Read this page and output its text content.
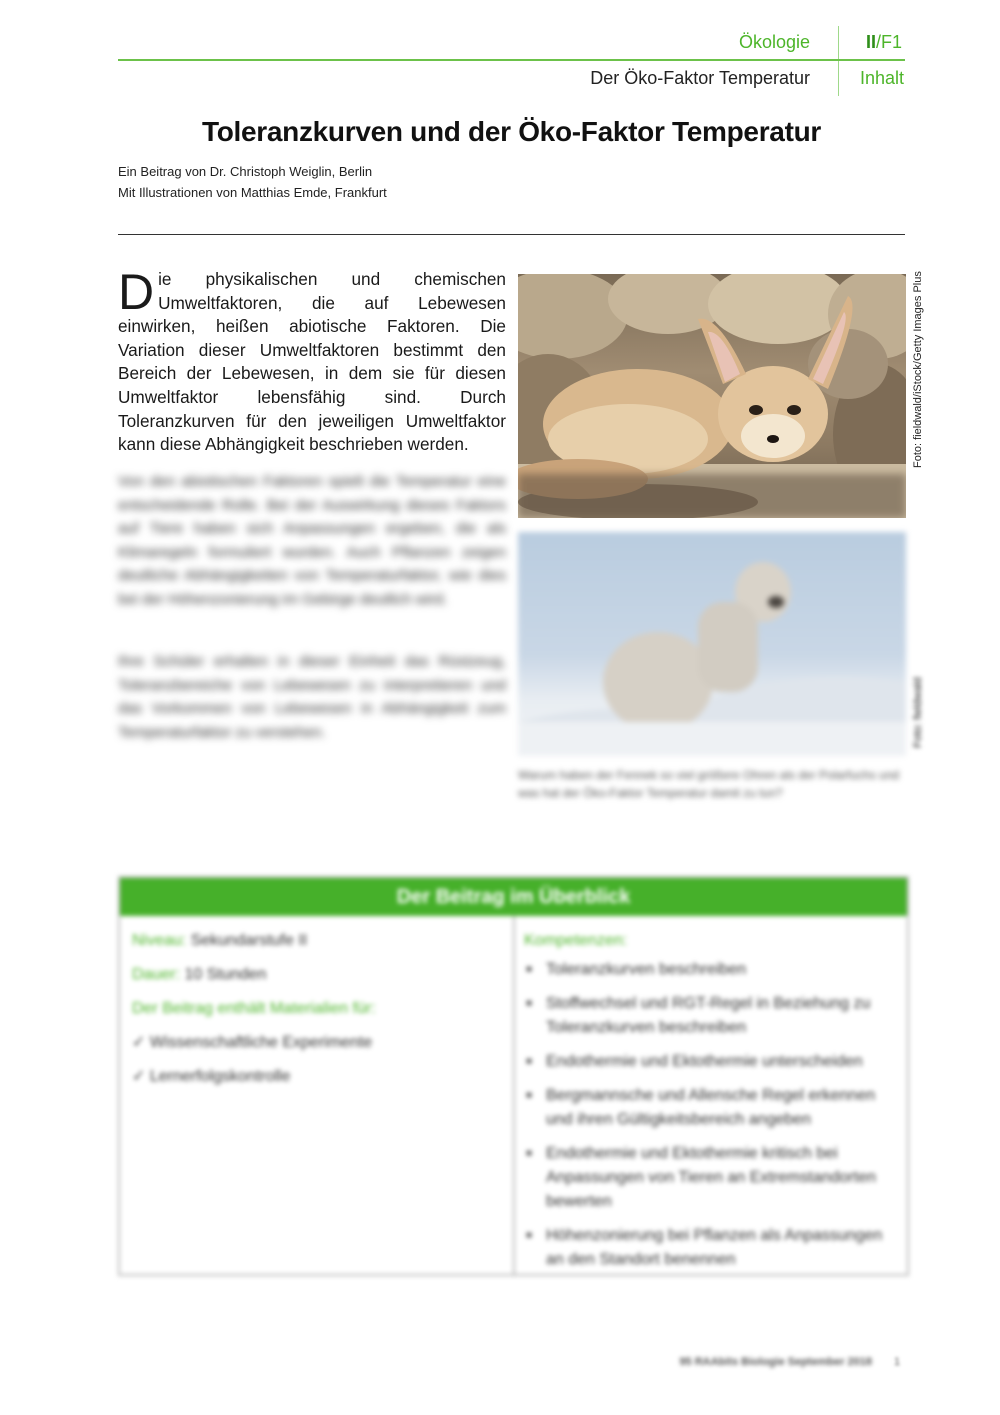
Ökologie	II/F1
Der Öko-Faktor Temperatur	Inhalt
Toleranzkurven und der Öko-Faktor Temperatur
Ein Beitrag von Dr. Christoph Weiglin, Berlin
Mit Illustrationen von Matthias Emde, Frankfurt
Die physikalischen und chemischen Umweltfaktoren, die auf Lebewesen einwirken, heißen abiotische Faktoren. Die Variation dieser Umweltfaktoren bestimmt den Bereich der Lebewesen, in dem sie für diesen Umweltfaktor lebensfähig sind. Durch Toleranzkurven für den jeweiligen Umweltfaktor kann diese Abhängigkeit beschrieben werden.
Von den abiotischen Faktoren spielt die Temperatur eine entscheidende Rolle. Bei der Auswirkung dieses Faktors auf Tiere haben sich Anpassungen ergeben, die als Klimaregeln formuliert wurden. Auch Pflanzen zeigen deutliche Abhängigkeiten von Temperaturfaktor, wie dies bei der Höhenzonierung im Gebirge deutlich wird.
Ihre Schüler erhalten in dieser Einheit das Rüstzeug, Toleranzbereiche von Lebewesen zu interpretieren und das Vorkommen von Lebewesen in Abhängigkeit zum Temperaturfaktor zu verstehen.
Foto: fieldwald/iStock/Getty Images Plus
Foto: fieldwald
Warum haben der Fennek so viel größere Ohren als der Polarfuchs und was hat der Öko-Faktor Temperatur damit zu tun?
Der Beitrag im Überblick
Niveau: Sekundarstufe II
Dauer: 10 Stunden
Der Beitrag enthält Materialien für:
✓ Wissenschaftliche Experimente
✓ Lernerfolgskontrolle
Kompetenzen:
■ Toleranzkurven beschreiben
■ Stoffwechsel und RGT-Regel in Beziehung zu Toleranzkurven beschreiben
■ Endothermie und Ektothermie unterscheiden
■ Bergmannsche und Allensche Regel erkennen und ihren Gültigkeitsbereich angeben
■ Endothermie und Ektothermie kritisch bei Anpassungen von Tieren an Extremstandorten bewerten
■ Höhenzonierung bei Pflanzen als Anpassungen an den Standort benennen
95 RAAbits Biologie September 2018 1
